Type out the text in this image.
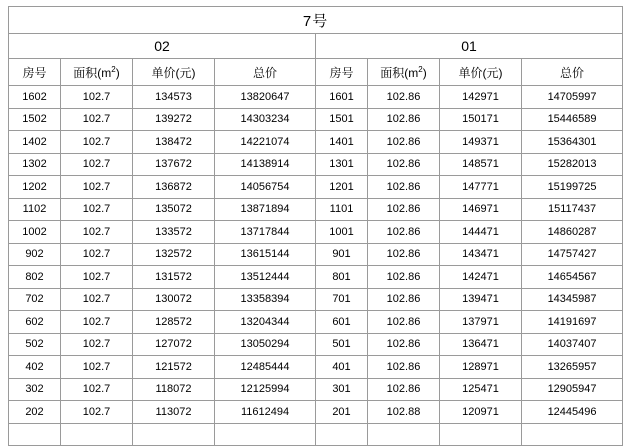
7号							
02				01			
房号	面积$(m^2)$	单价(元)	总价	房号	面积$(m^2)$	单价(元)	总价
1602	102.7	134573	13820647	1601	102.86	142971	14705997
1502	102.7	139272	14303234	1501	102.86	150171	15446589
1402	102.7	138472	14221074	1401	102.86	149371	15364301
1302	102.7	137672	14138914	1301	102.86	148571	15282013
1202	102.7	136872	14056754	1201	102.86	147771	15199725
1102	102.7	135072	13871894	1101	102.86	146971	15117437
1002	102.7	133572	13717844	1001	102.86	144471	14860287
902	102.7	132572	13615144	901	102.86	143471	14757427
802	102.7	131572	13512444	801	102.86	142471	14654567
702	102.7	130072	13358394	701	102.86	139471	14345987
602	102.7	128572	13204344	601	102.86	137971	14191697
502	102.7	127072	13050294	501	102.86	136471	14037407
402	102.7	121572	12485444	401	102.86	128971	13265957
302	102.7	118072	12125994	301	102.86	125471	12905947
202	102.7	113072	11612494	201	102.88	120971	12445496
